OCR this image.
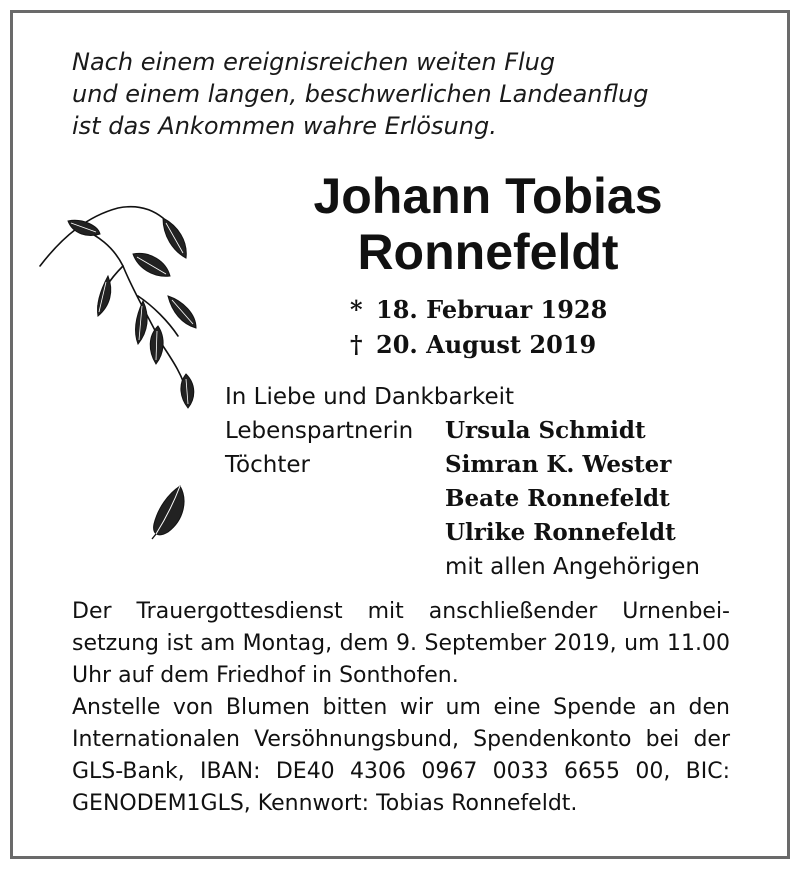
Nach einem ereignisreichen weiten Flug
und einem langen, beschwerlichen Landeanflug
ist das Ankommen wahre Erlösung.
Johann Tobias
Ronnefeldt
* 18. Februar 1928
† 20. August 2019
In Liebe und Dankbarkeit
Lebenspartnerin	Ursula Schmidt
Töchter	Simran K. Wester
Beate Ronnefeldt
Ulrike Ronnefeldt
mit allen Angehörigen

Der Trauergottesdienst mit anschließender Urnenbei-setzung ist am Montag, dem 9. September 2019, um 11.00 Uhr auf dem Friedhof in Sonthofen.

Anstelle von Blumen bitten wir um eine Spende an den Internationalen Versöhnungsbund, Spendenkonto bei der GLS-Bank, IBAN: DE40 4306 0967 0033 6655 00, BIC: GENODEM1GLS, Kennwort: Tobias Ronnefeldt.
